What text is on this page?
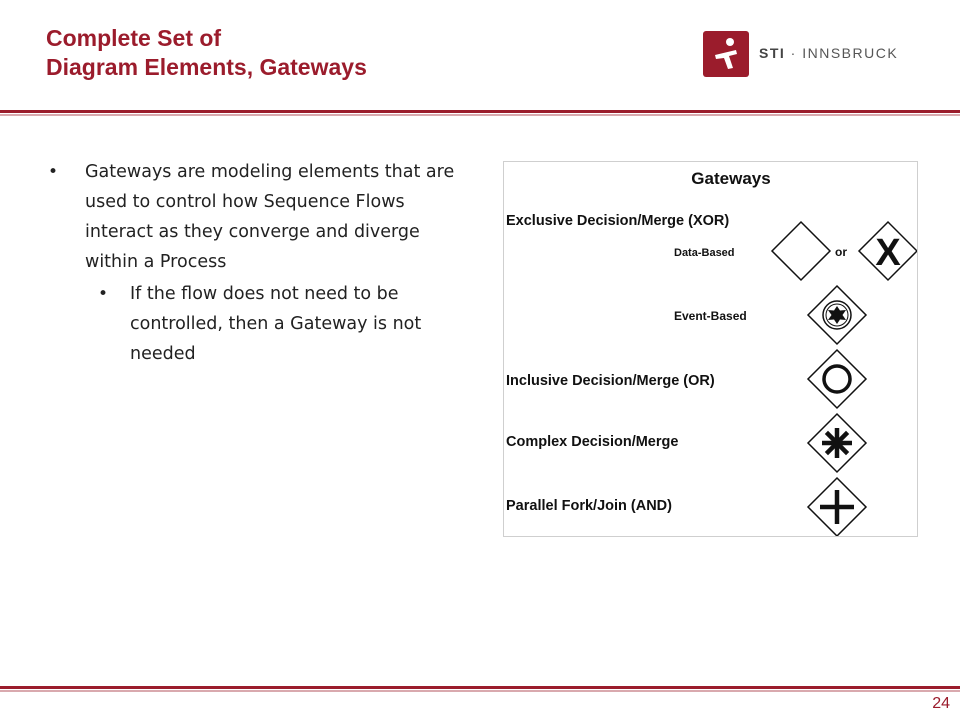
Complete Set of
Diagram Elements, Gateways
STI · INNSBRUCK
• Gateways are modeling elements that are used to control how Sequence Flows interact as they converge and diverge within a Process
• If the flow does not need to be controlled, then a Gateway is not needed
Gateways
Exclusive Decision/Merge (XOR)
Data-Based	or X
Event-Based
Inclusive Decision/Merge (OR)
Complex Decision/Merge
Parallel Fork/Join (AND)
24
